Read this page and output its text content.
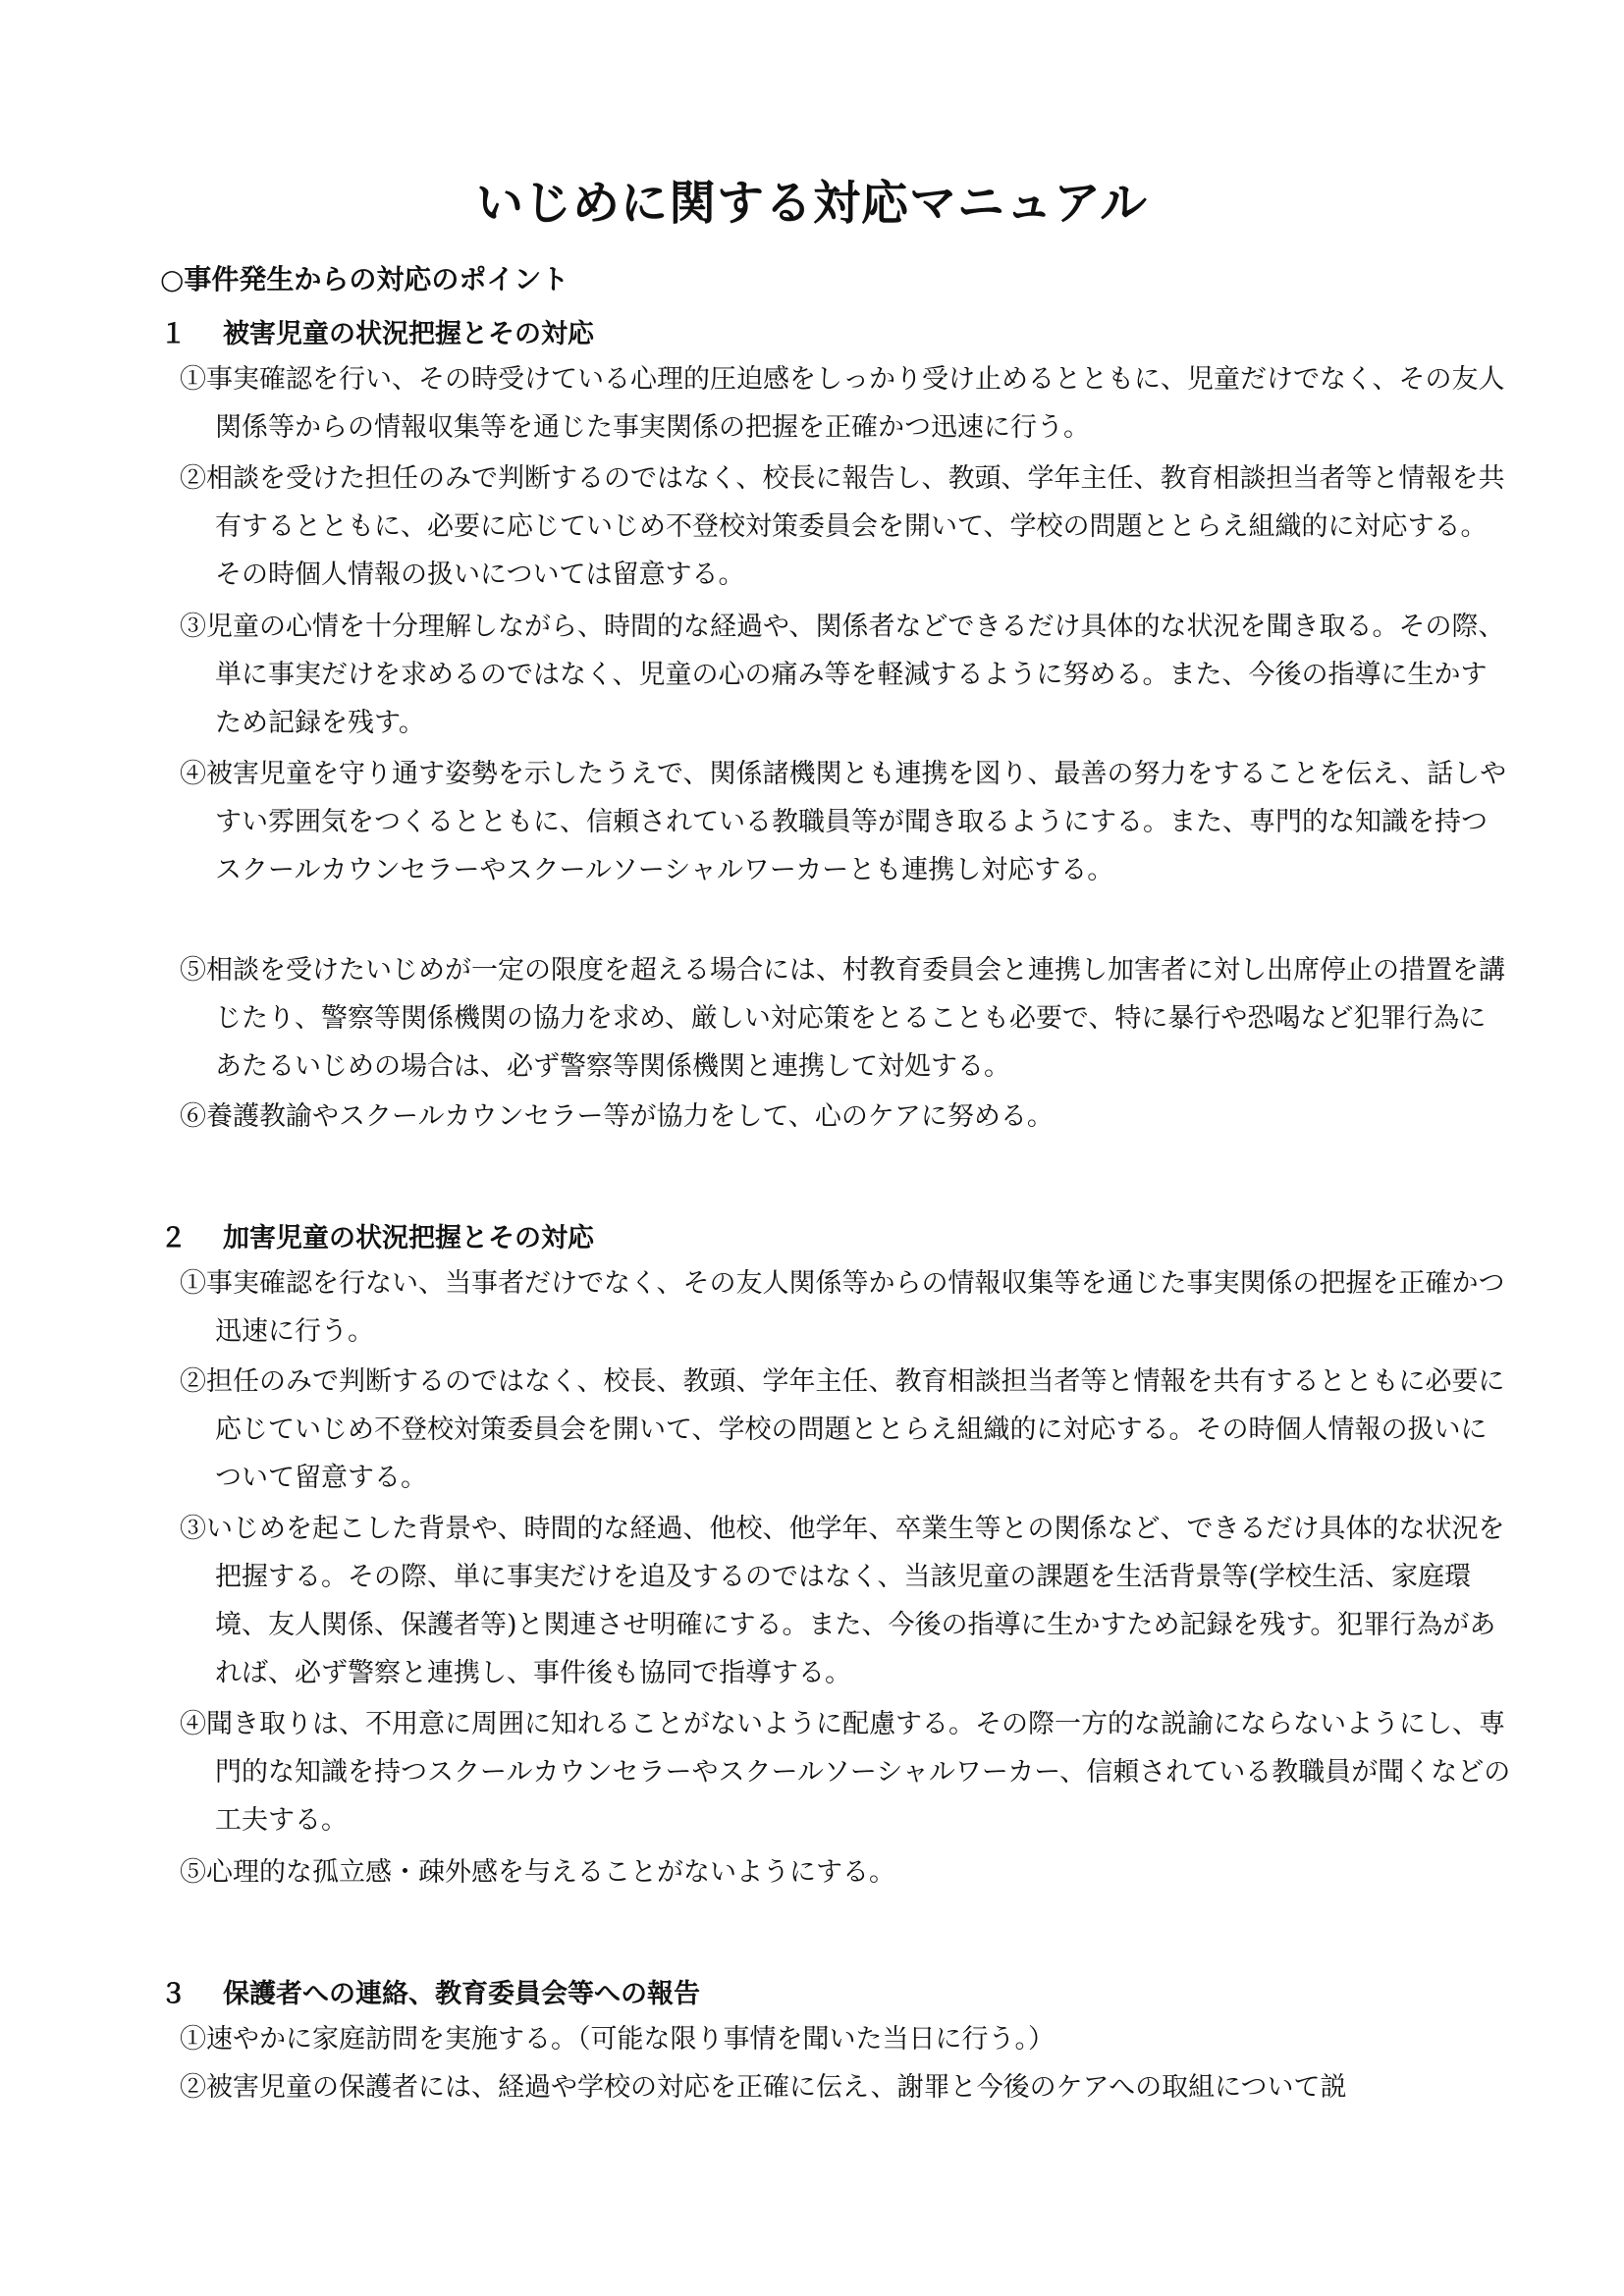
いじめに関する対応マニュアル

○事件発生からの対応のポイント

１ 被害児童の状況把握とその対応

①事実確認を行い、その時受けている心理的圧迫感をしっかり受け止めるとともに、児童だけでなく、その友人関係等からの情報収集等を通じた事実関係の把握を正確かつ迅速に行う。

②相談を受けた担任のみで判断するのではなく、校長に報告し、教頭、学年主任、教育相談担当者等と情報を共有するとともに、必要に応じていじめ不登校対策委員会を開いて、学校の問題ととらえ組織的に対応する。その時個人情報の扱いについては留意する。

③児童の心情を十分理解しながら、時間的な経過や、関係者などできるだけ具体的な状況を聞き取る。その際、単に事実だけを求めるのではなく、児童の心の痛み等を軽減するように努める。また、今後の指導に生かすため記録を残す。

④被害児童を守り通す姿勢を示したうえで、関係諸機関とも連携を図り、最善の努力をすることを伝え、話しやすい雰囲気をつくるとともに、信頼されている教職員等が聞き取るようにする。また、専門的な知識を持つスクールカウンセラーやスクールソーシャルワーカーとも連携し対応する。

⑤相談を受けたいじめが一定の限度を超える場合には、村教育委員会と連携し加害者に対し出席停止の措置を講じたり、警察等関係機関の協力を求め、厳しい対応策をとることも必要で、特に暴行や恐喝など犯罪行為にあたるいじめの場合は、必ず警察等関係機関と連携して対処する。

⑥養護教諭やスクールカウンセラー等が協力をして、心のケアに努める。

２ 加害児童の状況把握とその対応

①事実確認を行ない、当事者だけでなく、その友人関係等からの情報収集等を通じた事実関係の把握を正確かつ迅速に行う。

②担任のみで判断するのではなく、校長、教頭、学年主任、教育相談担当者等と情報を共有するとともに必要に応じていじめ不登校対策委員会を開いて、学校の問題ととらえ組織的に対応する。その時個人情報の扱いについて留意する。

③いじめを起こした背景や、時間的な経過、他校、他学年、卒業生等との関係など、できるだけ具体的な状況を把握する。その際、単に事実だけを追及するのではなく、当該児童の課題を生活背景等(学校生活、家庭環境、友人関係、保護者等)と関連させ明確にする。また、今後の指導に生かすため記録を残す。犯罪行為があれば、必ず警察と連携し、事件後も協同で指導する。

④聞き取りは、不用意に周囲に知れることがないように配慮する。その際一方的な説諭にならないようにし、専門的な知識を持つスクールカウンセラーやスクールソーシャルワーカー、信頼されている教職員が聞くなどの工夫する。

⑤心理的な孤立感・疎外感を与えることがないようにする。

３ 保護者への連絡、教育委員会等への報告

①速やかに家庭訪問を実施する。（可能な限り事情を聞いた当日に行う。）

②被害児童の保護者には、経過や学校の対応を正確に伝え、謝罪と今後のケアへの取組について説
